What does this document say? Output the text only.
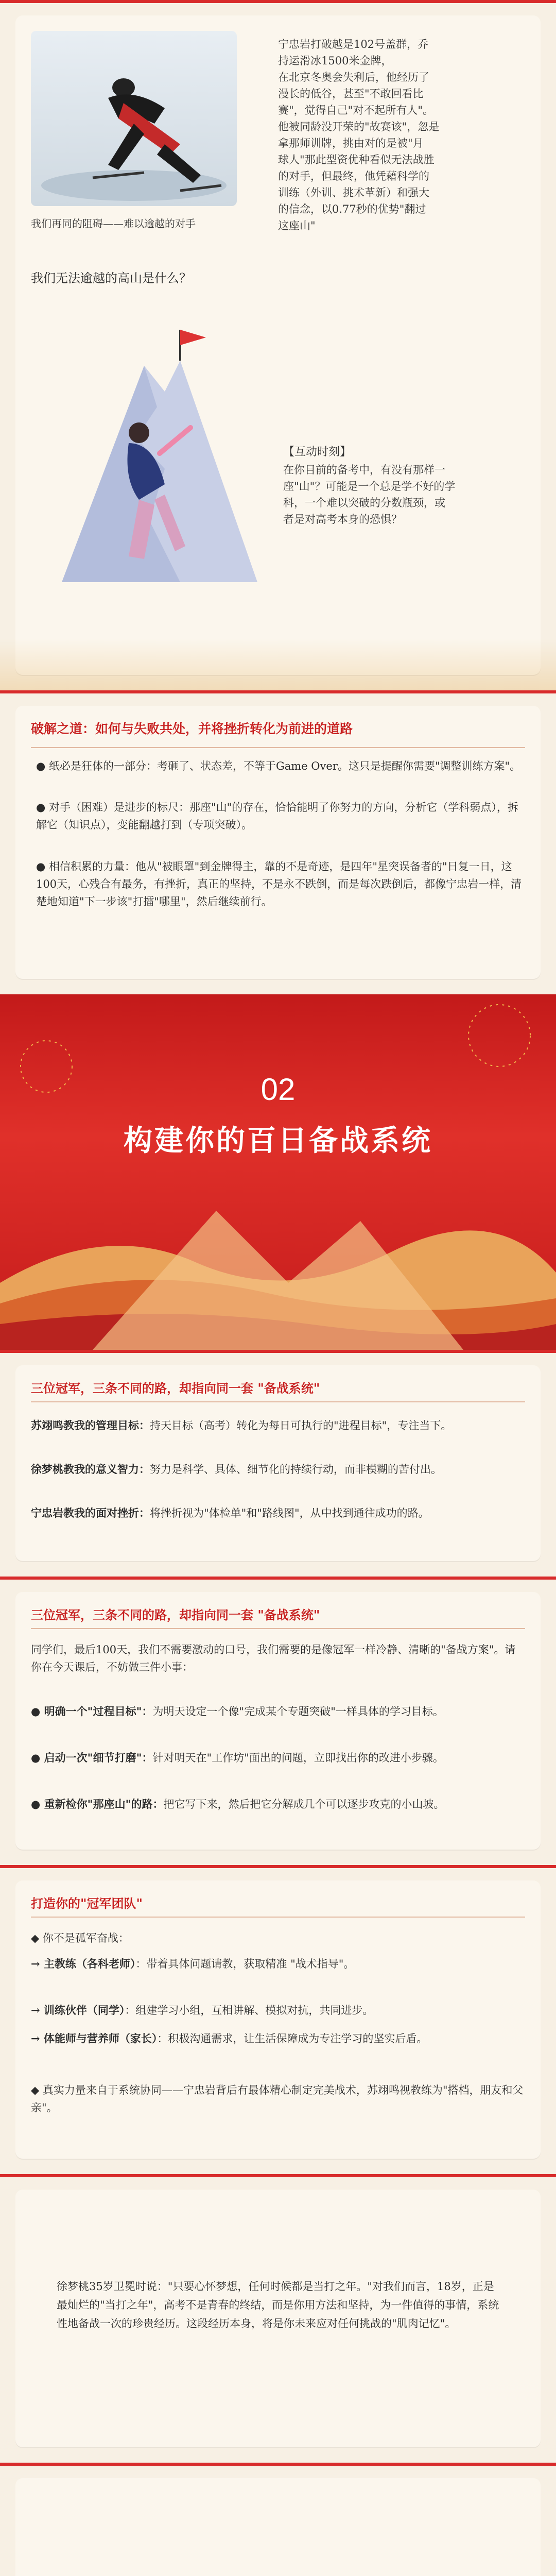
我们再同的阻碍——难以逾越的对手
宁忠岩打破越是102号盖群，乔
持运滑冰1500米金牌，
在北京冬奥会失利后，他经历了
漫长的低谷，甚至"不敢回看比
赛"，觉得自己"对不起所有人"。
他被同龄没开荣的"故赛该"，忽是
拿那师训牌，挑由对的是被"月
球人"那此型资优种看似无法战胜
的对手，但最终，他凭藉科学的
训练（外训、挑术革新）和强大
的信念，以0.77秒的优势"翻过
这座山"
我们无法逾越的高山是什么？
【互动时刻】
在你目前的备考中，有没有那样一
座"山"？可能是一个总是学不好的学
科，一个难以突破的分数瓶颈，或
者是对高考本身的恐惧？
破解之道：如何与失败共处，并将挫折转化为前进的道路
● 纸必是狂体的一部分：考砸了、状态差，不等于Game Over。这只是提醒你需要"调整训练方案"。
● 对手（困难）是进步的标尺：那座"山"的存在，恰恰能明了你努力的方向，分析它（学科弱点），拆解它（知识点），变能翻越打到（专项突破）。
● 相信积累的力量：他从"被眼罩"到金牌得主，靠的不是奇迹，是四年"星突误备者的"日复一日，这100天，心残合有最务，有挫折，真正的坚持，不是永不跌倒，而是每次跌倒后，都像宁忠岩一样，清楚地知道"下一步该"打擂"哪里"，然后继续前行。
02
构建你的百日备战系统
三位冠军，三条不同的路，却指向同一套 "备战系统"
苏翊鸣教我的管理目标：持天目标（高考）转化为每日可执行的"进程目标"，专注当下。
徐梦桃教我的意义智力：努力是科学、具体、细节化的持续行动，而非模糊的苦付出。
宁忠岩教我的面对挫折：将挫折视为"体检单"和"路线图"，从中找到通往成功的路。
三位冠军，三条不同的路，却指向同一套 "备战系统"
同学们，最后100天，我们不需要激动的口号，我们需要的是像冠军一样冷静、清晰的"备战方案"。请你在今天课后，不妨做三件小事：
● 明确一个"过程目标"：为明天设定一个像"完成某个专题突破"一样具体的学习目标。
● 启动一次"细节打磨"：针对明天在"工作坊"面出的问题，立即找出你的改进小步骤。
● 重新检你"那座山"的路：把它写下来，然后把它分解成几个可以逐步攻克的小山坡。
打造你的"冠军团队"
◆ 你不是孤军奋战：
→ 主教练（各科老师）：带着具体问题请教，获取精准 "战术指导"。
→ 训练伙伴（同学）：组建学习小组，互相讲解、模拟对抗，共同进步。
→ 体能师与营养师（家长）：积极沟通需求，让生活保障成为专注学习的坚实后盾。
◆ 真实力量来自于系统协同——宁忠岩背后有最体精心制定完美战术，苏翊鸣视教练为"搭档，朋友和父亲"。
徐梦桃35岁卫冕时说："只要心怀梦想，任何时候都是当打之年。"对我们而言，18岁，正是最灿烂的"当打之年"，高考不是青春的终结，而是你用方法和坚持，为一件值得的事情，系统性地备战一次的珍贵经历。这段经历本身，将是你未来应对任何挑战的"肌肉记忆"。
